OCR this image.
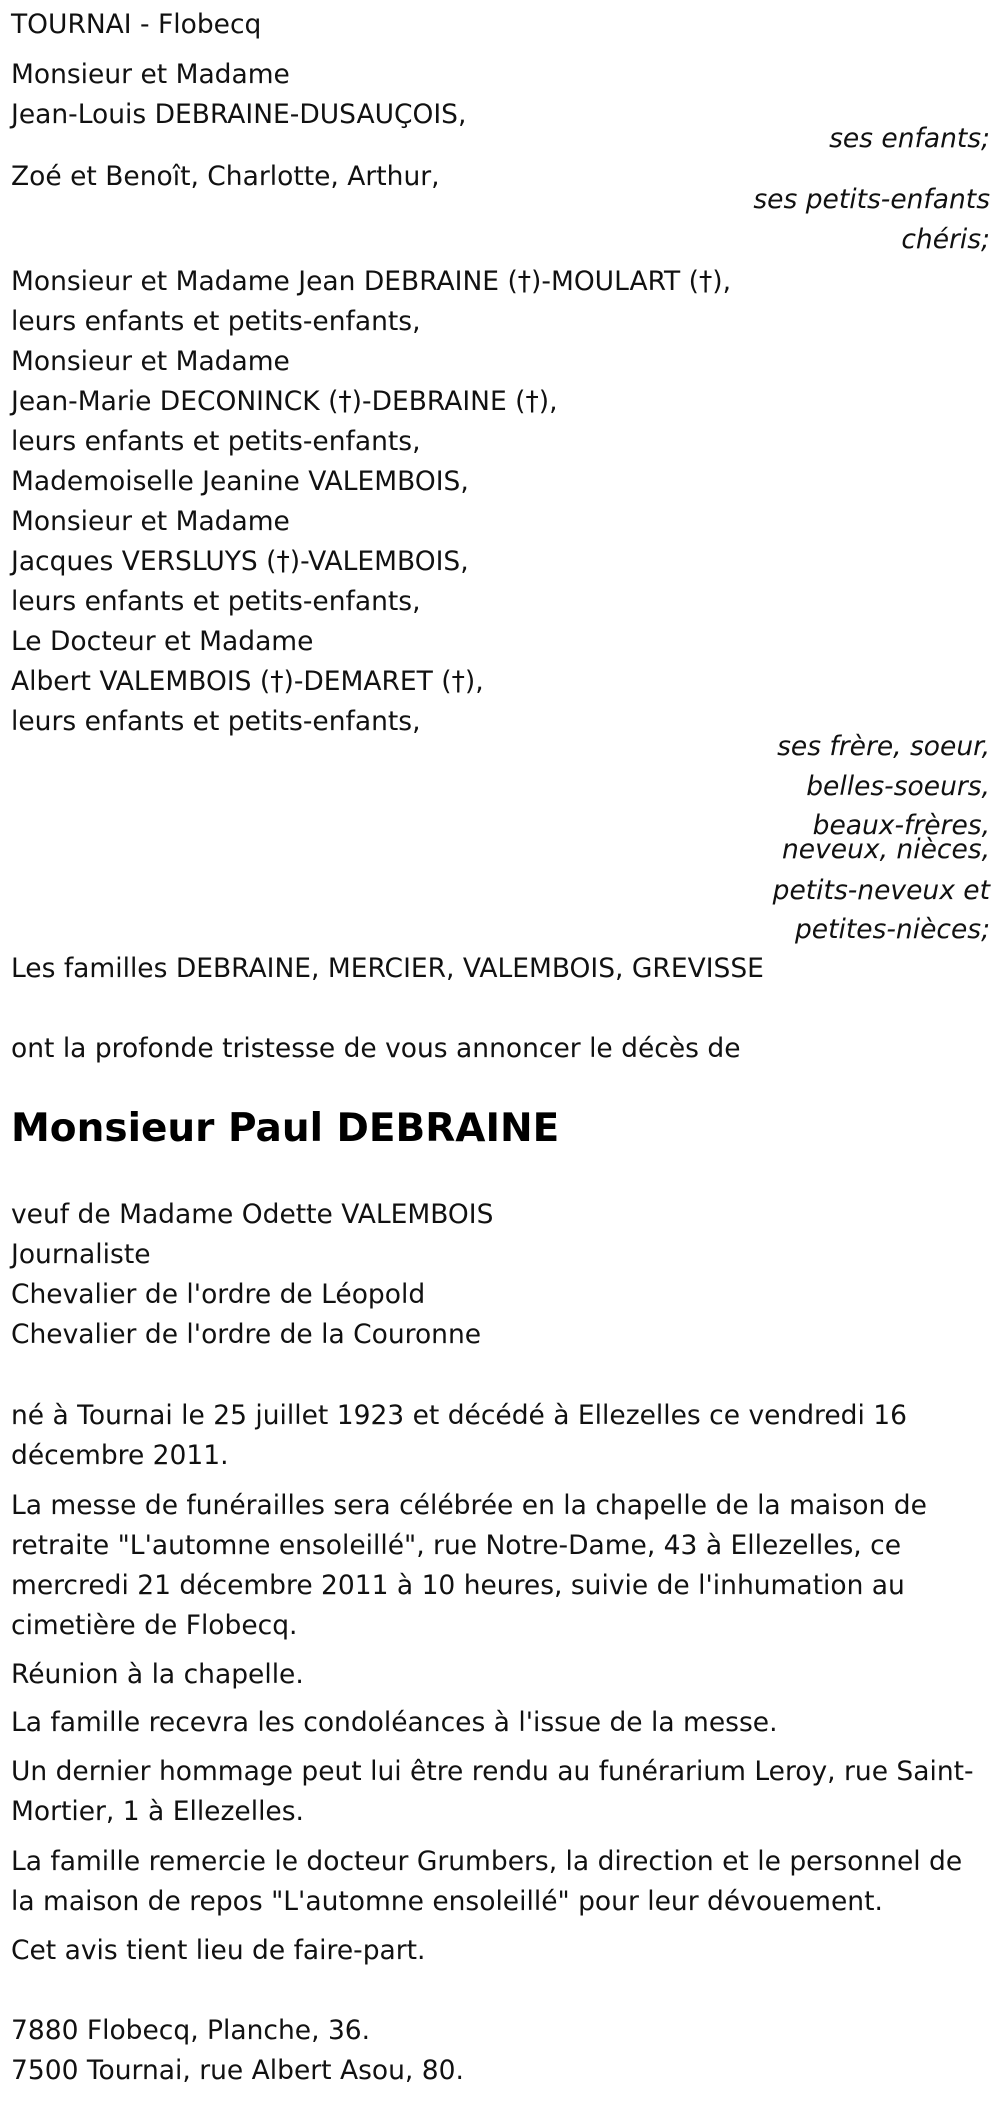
TOURNAI - Flobecq
Monsieur et Madame
Jean-Louis DEBRAINE-DUSAUÇOIS,
ses enfants;
Zoé et Benoît, Charlotte, Arthur,
ses petits-enfants
chéris;
Monsieur et Madame Jean DEBRAINE (†)-MOULART (†),
leurs enfants et petits-enfants,
Monsieur et Madame
Jean-Marie DECONINCK (†)-DEBRAINE (†),
leurs enfants et petits-enfants,
Mademoiselle Jeanine VALEMBOIS,
Monsieur et Madame
Jacques VERSLUYS (†)-VALEMBOIS,
leurs enfants et petits-enfants,
Le Docteur et Madame
Albert VALEMBOIS (†)-DEMARET (†),
leurs enfants et petits-enfants,
ses frère, soeur,
belles-soeurs,
beaux-frères,
neveux, nièces,
petits-neveux et
petites-nièces;
Les familles DEBRAINE, MERCIER, VALEMBOIS, GREVISSE
ont la profonde tristesse de vous annoncer le décès de
Monsieur Paul DEBRAINE
veuf de Madame Odette VALEMBOIS
Journaliste
Chevalier de l'ordre de Léopold
Chevalier de l'ordre de la Couronne
né à Tournai le 25 juillet 1923 et décédé à Ellezelles ce vendredi 16
décembre 2011.
La messe de funérailles sera célébrée en la chapelle de la maison de
retraite "L'automne ensoleillé", rue Notre-Dame, 43 à Ellezelles, ce
mercredi 21 décembre 2011 à 10 heures, suivie de l'inhumation au
cimetière de Flobecq.
Réunion à la chapelle.
La famille recevra les condoléances à l'issue de la messe.
Un dernier hommage peut lui être rendu au funérarium Leroy, rue Saint-
Mortier, 1 à Ellezelles.
La famille remercie le docteur Grumbers, la direction et le personnel de
la maison de repos "L'automne ensoleillé" pour leur dévouement.
Cet avis tient lieu de faire-part.
7880 Flobecq, Planche, 36.
7500 Tournai, rue Albert Asou, 80.
